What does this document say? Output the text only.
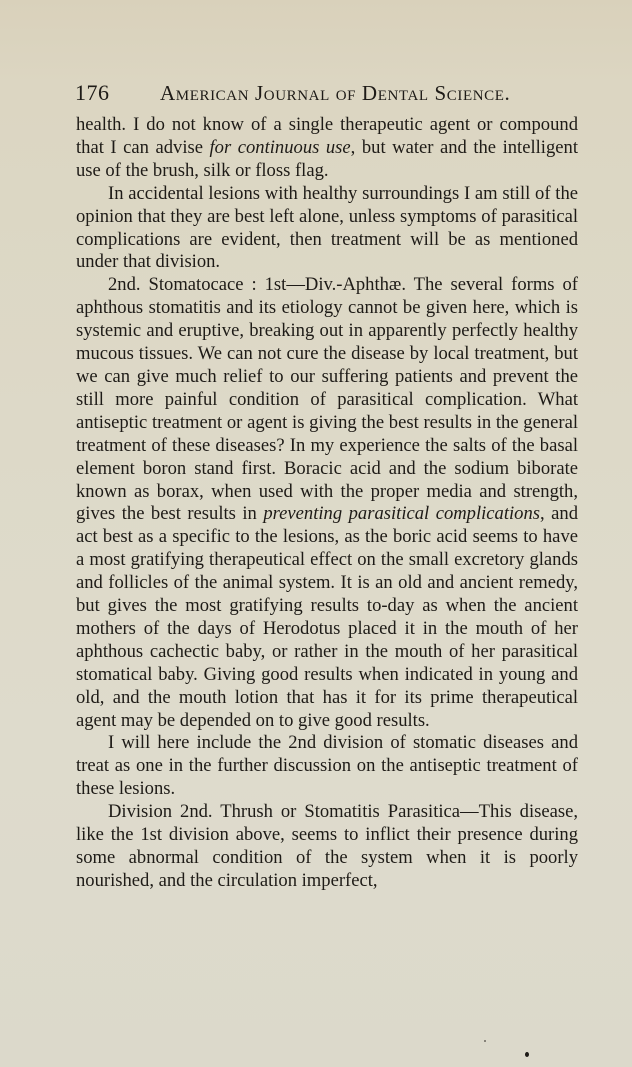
176 American Journal of Dental Science.

health. I do not know of a single therapeutic agent or compound that I can advise for continuous use, but water and the intelligent use of the brush, silk or floss flag.

In accidental lesions with healthy surroundings I am still of the opinion that they are best left alone, unless symptoms of parasitical complications are evident, then treatment will be as mentioned under that division.

2nd. Stomatocace : 1st—Div.-Aphthæ. The several forms of aphthous stomatitis and its etiology cannot be given here, which is systemic and eruptive, breaking out in apparently perfectly healthy mucous tissues. We can not cure the disease by local treatment, but we can give much relief to our suffering patients and prevent the still more painful condition of parasitical complication. What antiseptic treatment or agent is giving the best results in the general treatment of these diseases? In my experience the salts of the basal element boron stand first. Boracic acid and the sodium biborate known as borax, when used with the proper media and strength, gives the best results in preventing parasitical complications, and act best as a specific to the lesions, as the boric acid seems to have a most gratifying therapeutical effect on the small excretory glands and follicles of the animal system. It is an old and ancient remedy, but gives the most gratifying results to-day as when the ancient mothers of the days of Herodotus placed it in the mouth of her aphthous cachectic baby, or rather in the mouth of her parasitical stomatical baby. Giving good results when indicated in young and old, and the mouth lotion that has it for its prime therapeutical agent may be depended on to give good results.

I will here include the 2nd division of stomatic diseases and treat as one in the further discussion on the antiseptic treatment of these lesions.

Division 2nd. Thrush or Stomatitis Parasitica—This disease, like the 1st division above, seems to inflict their presence during some abnormal condition of the system when it is poorly nourished, and the circulation imperfect,
